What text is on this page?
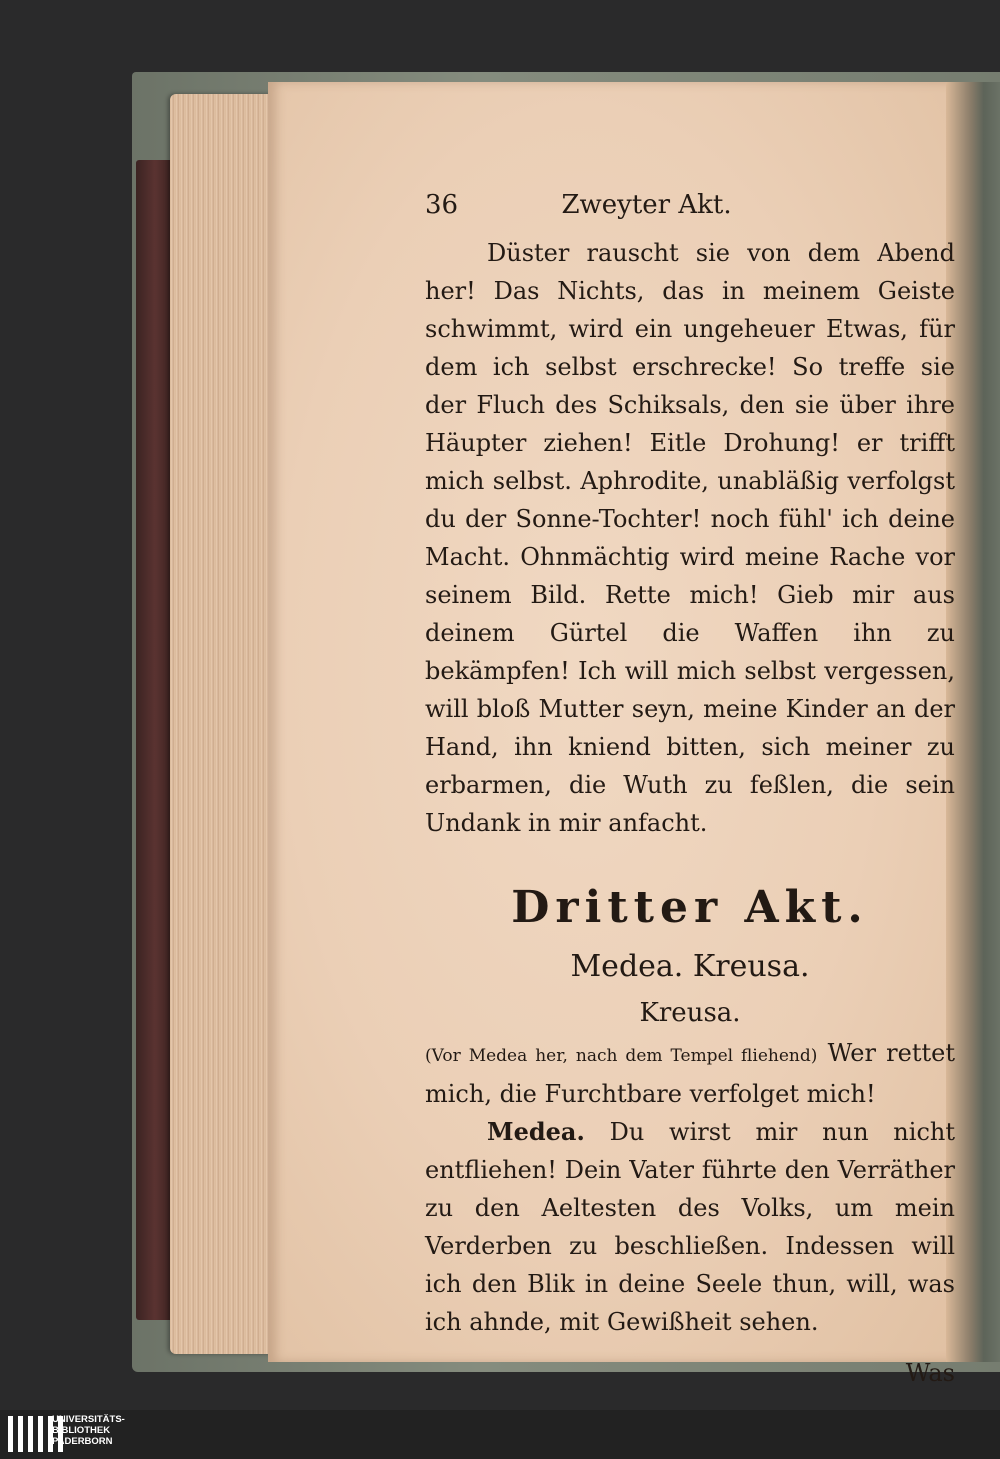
36	Zweyter Akt.

Düster rauscht sie von dem Abend her! Das Nichts, das in meinem Geiste schwimmt, wird ein ungeheuer Etwas, für dem ich selbst erschrecke! So treffe sie der Fluch des Schiksals, den sie über ihre Häupter ziehen! Eitle Drohung! er trifft mich selbst. Aphrodite, unabläßig verfolgst du der Sonne-Tochter! noch fühl' ich deine Macht. Ohnmächtig wird meine Rache vor seinem Bild. Rette mich! Gieb mir aus deinem Gürtel die Waffen ihn zu bekämpfen! Ich will mich selbst vergessen, will bloß Mutter seyn, meine Kinder an der Hand, ihn kniend bitten, sich meiner zu erbarmen, die Wuth zu feßlen, die sein Undank in mir anfacht.

Dritter Akt.
Medea. Kreusa.
Kreusa.

(Vor Medea her, nach dem Tempel fliehend) Wer rettet mich, die Furchtbare verfolget mich!

Medea. Du wirst mir nun nicht entfliehen! Dein Vater führte den Verräther zu den Aeltesten des Volks, um mein Verderben zu beschließen. Indessen will ich den Blik in deine Seele thun, will, was ich ahnde, mit Gewißheit sehen.

Was
UNIVERSITÄTS-
BIBLIOTHEK
PADERBORN
